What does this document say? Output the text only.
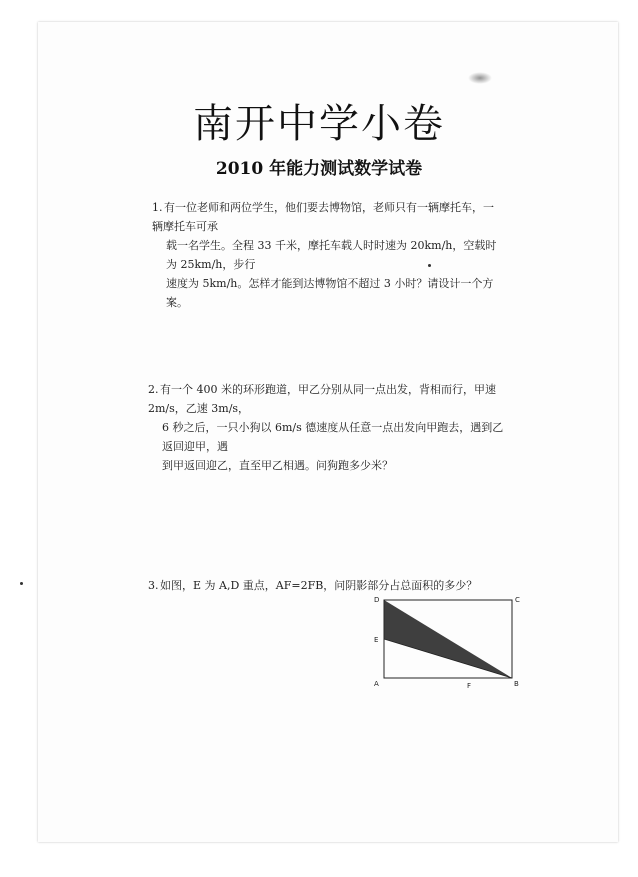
南开中学小卷
2010 年能力测试数学试卷
1. 有一位老师和两位学生，他们要去博物馆，老师只有一辆摩托车，一辆摩托车可承
载一名学生。全程 33 千米，摩托车载人时时速为 20km/h，空载时为 25km/h，步行
速度为 5km/h。怎样才能到达博物馆不超过 3 小时？请设计一个方案。
2. 有一个 400 米的环形跑道，甲乙分别从同一点出发，背相而行，甲速 2m/s，乙速 3m/s，
6 秒之后，一只小狗以 6m/s 德速度从任意一点出发向甲跑去，遇到乙返回迎甲，遇
到甲返回迎乙，直至甲乙相遇。问狗跑多少米？
3. 如图，E 为 A,D 重点，AF=2FB，问阴影部分占总面积的多少？
D	C
E
A	F	B
